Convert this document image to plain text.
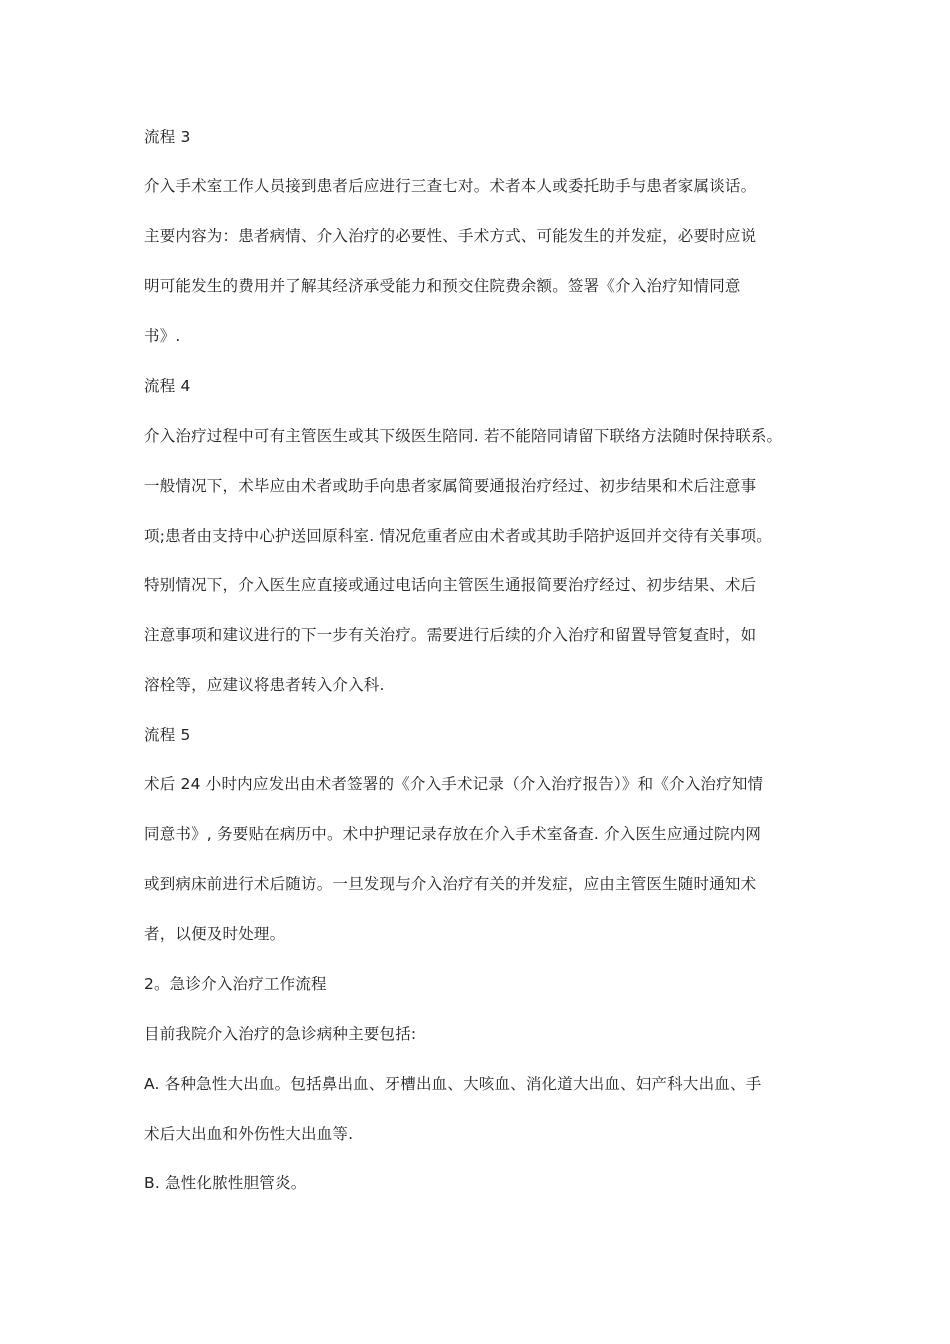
流程 3
介入手术室工作人员接到患者后应进行三查七对。术者本人或委托助手与患者家属谈话。
主要内容为：患者病情、介入治疗的必要性、手术方式、可能发生的并发症，必要时应说
明可能发生的费用并了解其经济承受能力和预交住院费余额。签署《介入治疗知情同意
书》.
流程 4
介入治疗过程中可有主管医生或其下级医生陪同. 若不能陪同请留下联络方法随时保持联系。
一般情况下，术毕应由术者或助手向患者家属简要通报治疗经过、初步结果和术后注意事
项;患者由支持中心护送回原科室. 情况危重者应由术者或其助手陪护返回并交待有关事项。
特别情况下，介入医生应直接或通过电话向主管医生通报简要治疗经过、初步结果、术后
注意事项和建议进行的下一步有关治疗。需要进行后续的介入治疗和留置导管复查时，如
溶栓等，应建议将患者转入介入科.
流程 5
术后 24 小时内应发出由术者签署的《介入手术记录（介入治疗报告）》和《介入治疗知情
同意书》, 务要贴在病历中。术中护理记录存放在介入手术室备查. 介入医生应通过院内网
或到病床前进行术后随访。一旦发现与介入治疗有关的并发症，应由主管医生随时通知术
者，以便及时处理。
2。急诊介入治疗工作流程
目前我院介入治疗的急诊病种主要包括:
A. 各种急性大出血。包括鼻出血、牙槽出血、大咳血、消化道大出血、妇产科大出血、手
术后大出血和外伤性大出血等.
B. 急性化脓性胆管炎。
